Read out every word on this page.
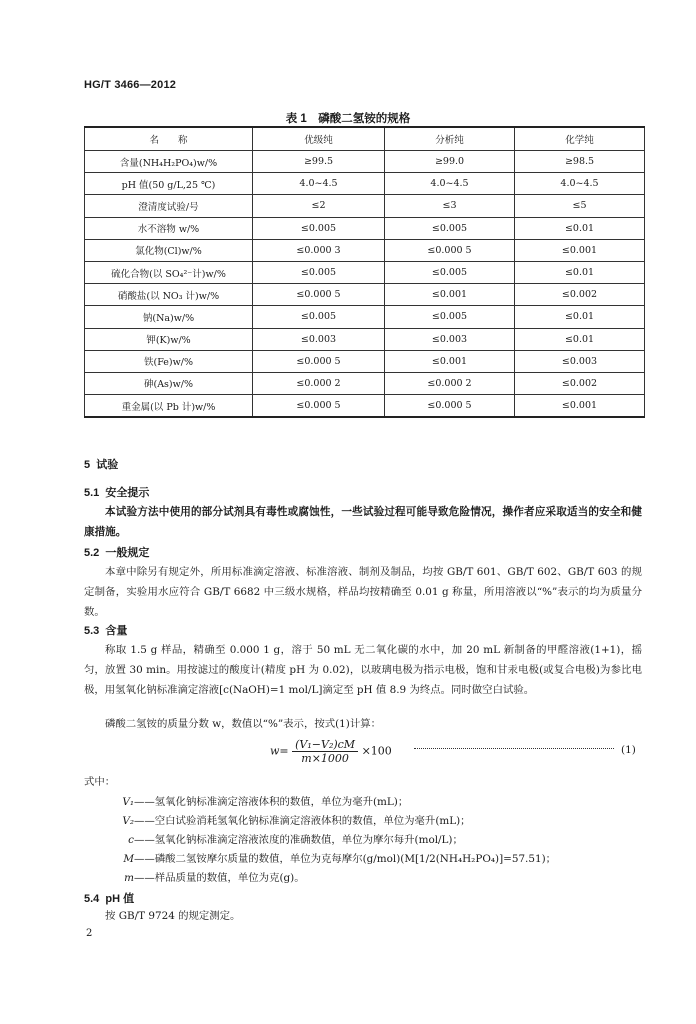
HG/T 3466—2012
表 1　磷酸二氢铵的规格
名　　称	优级纯	分析纯	化学纯
含量(NH₄H₂PO₄)w/%	≥99.5	≥99.0	≥98.5
pH 值(50 g/L,25 ℃)	4.0~4.5	4.0~4.5	4.0~4.5
澄清度试验/号	≤2	≤3	≤5
水不溶物 w/%	≤0.005	≤0.005	≤0.01
氯化物(Cl)w/%	≤0.000 3	≤0.000 5	≤0.001
硫化合物(以 SO₄²⁻计)w/%	≤0.005	≤0.005	≤0.01
硝酸盐(以 NO₃ 计)w/%	≤0.000 5	≤0.001	≤0.002
钠(Na)w/%	≤0.005	≤0.005	≤0.01
钾(K)w/%	≤0.003	≤0.003	≤0.01
铁(Fe)w/%	≤0.000 5	≤0.001	≤0.003
砷(As)w/%	≤0.000 2	≤0.000 2	≤0.002
重金属(以 Pb 计)w/%	≤0.000 5	≤0.000 5	≤0.001
5 试验
5.1 安全提示
本试验方法中使用的部分试剂具有毒性或腐蚀性，一些试验过程可能导致危险情况，操作者应采取适当的安全和健康措施。
5.2 一般规定
本章中除另有规定外，所用标准滴定溶液、标准溶液、制剂及制品，均按 GB/T 601、GB/T 602、GB/T 603 的规定制备，实验用水应符合 GB/T 6682 中三级水规格，样品均按精确至 0.01 g 称量，所用溶液以“%”表示的均为质量分数。
5.3 含量
称取 1.5 g 样品，精确至 0.000 1 g，溶于 50 mL 无二氧化碳的水中，加 20 mL 新制备的甲醛溶液(1+1)，摇匀，放置 30 min。用按滤过的酸度计(精度 pH 为 0.02)，以玻璃电极为指示电极，饱和甘汞电极(或复合电极)为参比电极，用氢氧化钠标准滴定溶液[c(NaOH)=1 mol/L]滴定至 pH 值 8.9 为终点。同时做空白试验。
磷酸二氢铵的质量分数 w，数值以“%”表示，按式(1)计算：
$w= \frac{\text{(V₁−V₂)cM}}{m\times 1000} \times 100$	(1)
式中：
V₁——氢氧化钠标准滴定溶液体积的数值，单位为毫升(mL)；
V₂——空白试验消耗氢氧化钠标准滴定溶液体积的数值，单位为毫升(mL)；
c——氢氧化钠标准滴定溶液浓度的准确数值，单位为摩尔每升(mol/L)；
M——磷酸二氢铵摩尔质量的数值，单位为克每摩尔(g/mol)(M[1/2(NH₄H₂PO₄)]=57.51)；
m——样品质量的数值，单位为克(g)。
5.4 pH 值
按 GB/T 9724 的规定测定。
2
